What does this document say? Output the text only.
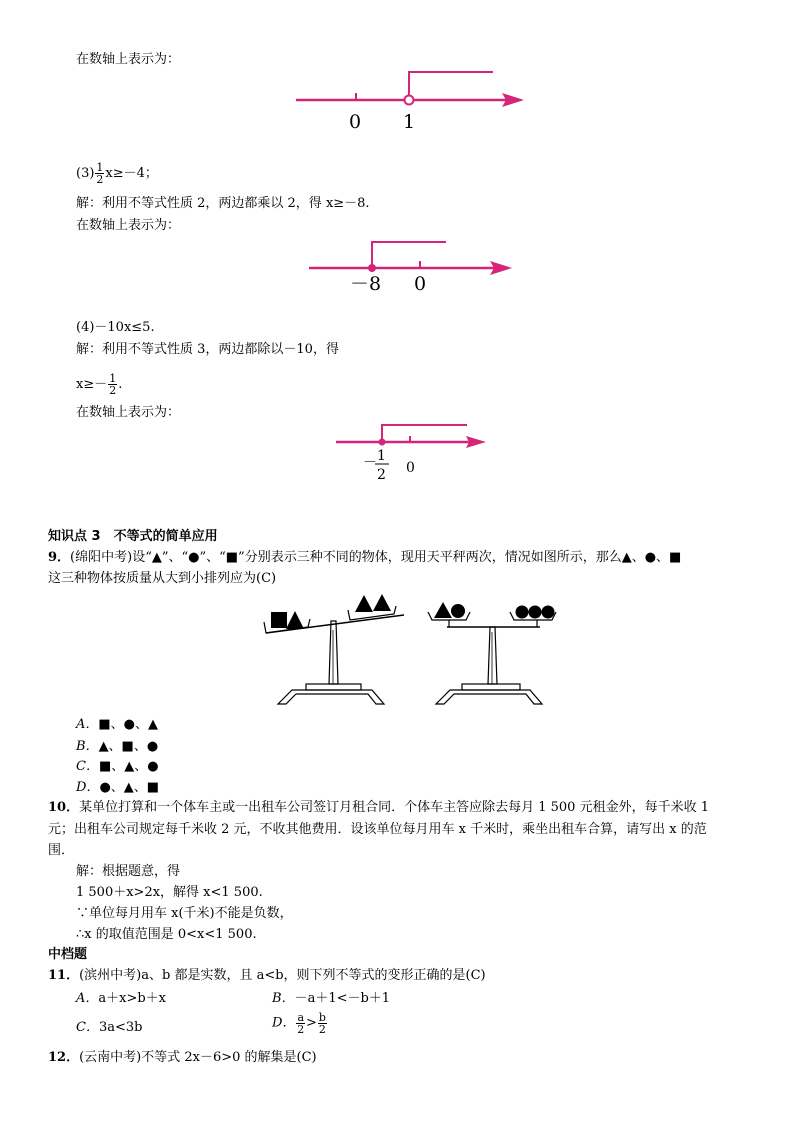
在数轴上表示为：
0 1
$(3) \frac{1}{2} x\ge-4$；
解：利用不等式性质 2，两边都乘以 2，得 x≥－8.
在数轴上表示为：
－8 0
(4)－10x≤5.
解：利用不等式性质 3，两边都除以－10，得
$x\ge- \frac{1}{2}$ .
在数轴上表示为：
－ 1
2 0
知识点 3　不等式的简单应用
9．(绵阳中考)设“▲”、“●”、“■”分别表示三种不同的物体，现用天平秤两次，情况如图所示，那么▲、●、■
这三种物体按质量从大到小排列应为(C)
A．■、●、▲
B．▲、■、●
C．■、▲、●
D．●、▲、■
10．某单位打算和一个体车主或一出租车公司签订月租合同．个体车主答应除去每月 1 500 元租金外，每千米收 1
元；出租车公司规定每千米收 2 元，不收其他费用．设该单位每月用车 x 千米时，乘坐出租车合算，请写出 x 的范
围．
解：根据题意，得
1 500＋x>2x，解得 x<1 500.
∵单位每月用车 x(千米)不能是负数，
∴x 的取值范围是 0<x<1 500.
中档题
11．(滨州中考)a、b 都是实数，且 a<b，则下列不等式的变形正确的是(C)
A．a＋x>b＋x	B．－a＋1<－b＋1
C．3a<3b	D． $\frac{a}{2} > \frac{b}{2}$
12．(云南中考)不等式 2x－6>0 的解集是(C)
